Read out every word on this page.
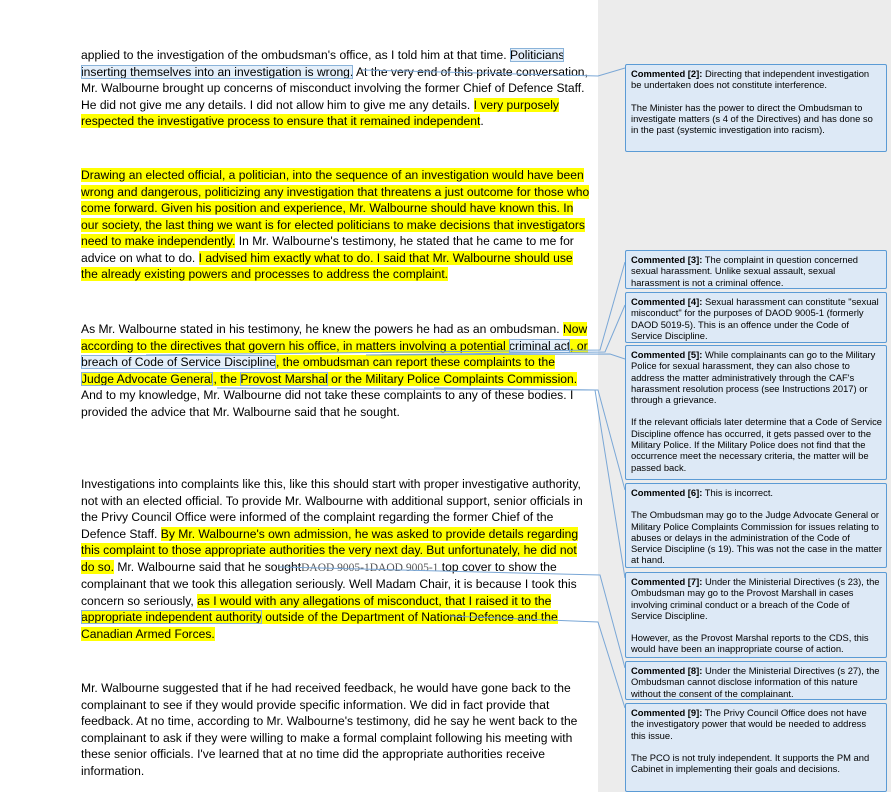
applied to the investigation of the ombudsman's office, as I told him at that time. Politicians inserting themselves into an investigation is wrong. At the very end of this private conversation, Mr. Walbourne brought up concerns of misconduct involving the former Chief of Defence Staff. He did not give me any details. I did not allow him to give me any details. I very purposely respected the investigative process to ensure that it remained independent.
Drawing an elected official, a politician, into the sequence of an investigation would have been wrong and dangerous, politicizing any investigation that threatens a just outcome for those who come forward. Given his position and experience, Mr. Walbourne should have known this. In our society, the last thing we want is for elected politicians to make decisions that investigators need to make independently. In Mr. Walbourne's testimony, he stated that he came to me for advice on what to do. I advised him exactly what to do. I said that Mr. Walbourne should use the already existing powers and processes to address the complaint.
As Mr. Walbourne stated in his testimony, he knew the powers he had as an ombudsman. Now according to the directives that govern his office, in matters involving a potential criminal act, or breach of Code of Service Discipline, the ombudsman can report these complaints to the Judge Advocate General, the Provost Marshal or the Military Police Complaints Commission. And to my knowledge, Mr. Walbourne did not take these complaints to any of these bodies. I provided the advice that Mr. Walbourne said that he sought.
Investigations into complaints like this, like this should start with proper investigative authority, not with an elected official. To provide Mr. Walbourne with additional support, senior officials in the Privy Council Office were informed of the complaint regarding the former Chief of the Defence Staff. By Mr. Walbourne's own admission, he was asked to provide details regarding this complaint to those appropriate authorities the very next day. But unfortunately, he did not do so. Mr. Walbourne said that he soughtDAOD 9005-1DAOD 9005-1 top cover to show the complainant that we took this allegation seriously. Well Madam Chair, it is because I took this concern so seriously, as I would with any allegations of misconduct, that I raised it to the appropriate independent authority outside of the Department of National Defence and the Canadian Armed Forces.
Mr. Walbourne suggested that if he had received feedback, he would have gone back to the complainant to see if they would provide specific information. We did in fact provide that feedback. At no time, according to Mr. Walbourne's testimony, did he say he went back to the complainant to ask if they were willing to make a formal complaint following his meeting with these senior officials. I've learned that at no time did the appropriate authorities receive information.
Commented [2]: Directing that independent investigation be undertaken does not constitute interference.
The Minister has the power to direct the Ombudsman to investigate matters (s 4 of the Directives) and has done so in the past (systemic investigation into racism).
Commented [3]: The complaint in question concerned sexual harassment. Unlike sexual assault, sexual harassment is not a criminal offence.
Commented [4]: Sexual harassment can constitute "sexual misconduct" for the purposes of DAOD 9005-1 (formerly DAOD 5019-5). This is an offence under the Code of Service Discipline.
Commented [5]: While complainants can go to the Military Police for sexual harassment, they can also chose to address the matter administratively through the CAF's harassment resolution process (see Instructions 2017) or through a grievance.
If the relevant officials later determine that a Code of Service Discipline offence has occurred, it gets passed over to the Military Police. If the Military Police does not find that the occurrence meet the necessary criteria, the matter will be passed back.
Commented [6]: This is incorrect.
The Ombudsman may go to the Judge Advocate General or Military Police Complaints Commission for issues relating to abuses or delays in the administration of the Code of Service Discipline (s 19). This was not the case in the matter at hand.
Commented [7]: Under the Ministerial Directives (s 23), the Ombudsman may go to the Provost Marshall in cases involving criminal conduct or a breach of the Code of Service Discipline.
However, as the Provost Marshal reports to the CDS, this would have been an inappropriate course of action.
Commented [8]: Under the Ministerial Directives (s 27), the Ombudsman cannot disclose information of this nature without the consent of the complainant.
Commented [9]: The Privy Council Office does not have the investigatory power that would be needed to address this issue.
The PCO is not truly independent. It supports the PM and Cabinet in implementing their goals and decisions.
